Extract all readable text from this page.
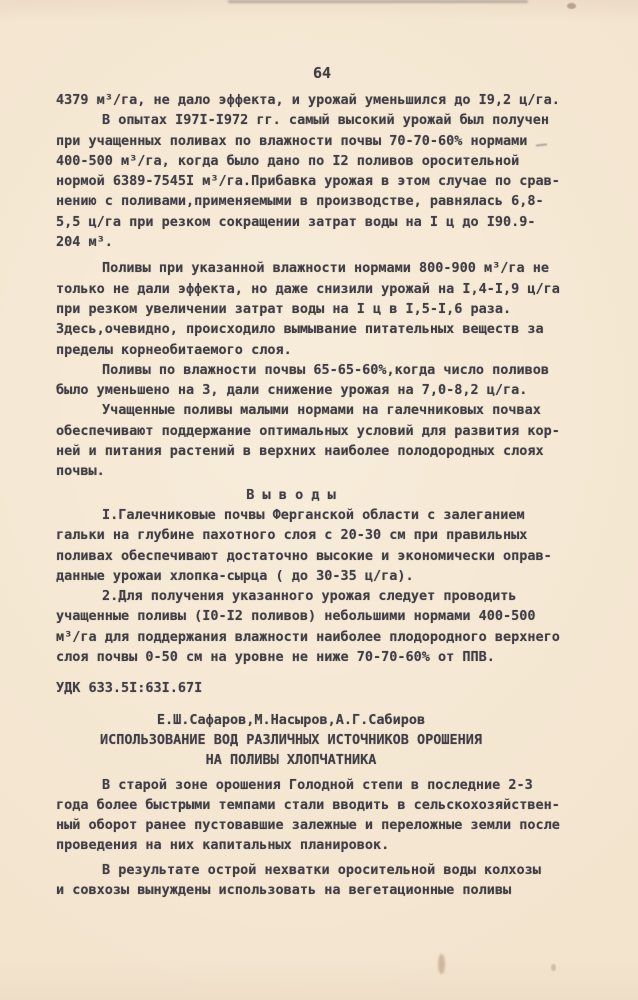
64
4379 м³/га, не дало эффекта, и урожай уменьшился до I9,2 ц/га.
В опытах I97I-I972 гг. самый высокий урожай был получен
при учащенных поливах по влажности почвы 70-70-60% нормами
400-500 м³/га, когда было дано по I2 поливов оросительной
нормой 6389-7545I м³/га.Прибавка урожая в этом случае по срав-
нению с поливами,применяемыми в производстве, равнялась 6,8-
5,5 ц/га при резком сокращении затрат воды на I ц до I90.9-
204 м³.
Поливы при указанной влажности нормами 800-900 м³/га не
только не дали эффекта, но даже снизили урожай на I,4-I,9 ц/га
при резком увеличении затрат воды на I ц в I,5-I,6 раза.
Здесь,очевидно, происходило вымывание питательных веществ за
пределы корнеобитаемого слоя.
Поливы по влажности почвы 65-65-60%,когда число поливов
было уменьшено на 3, дали снижение урожая на 7,0-8,2 ц/га.
Учащенные поливы малыми нормами на галечниковых почвах
обеспечивают поддержание оптимальных условий для развития кор-
ней и питания растений в верхних наиболее полодородных слоях
почвы.
В ы в о д ы
I.Галечниковые почвы Ферганской области с залеганием
гальки на глубине пахотного слоя с 20-30 см при правильных
поливах обеспечивают достаточно высокие и экономически оправ-
данные урожаи хлопка-сырца ( до 30-35 ц/га).
2.Для получения указанного урожая следует проводить
учащенные поливы (I0-I2 поливов) небольшими нормами 400-500
м³/га для поддержания влажности наиболее плодородного верхнего
слоя почвы 0-50 см на уровне не ниже 70-70-60% от ППВ.
УДК 633.5I:63I.67I
Е.Ш.Сафаров,М.Насыров,А.Г.Сабиров
ИСПОЛЬЗОВАНИЕ ВОД РАЗЛИЧНЫХ ИСТОЧНИКОВ ОРОШЕНИЯ
НА ПОЛИВЫ ХЛОПЧАТНИКА
В старой зоне орошения Голодной степи в последние 2-3
года более быстрыми темпами стали вводить в сельскохозяйствен-
ный оборот ранее пустовавшие залежные и переложные земли после
проведения на них капитальных планировок.
В результате острой нехватки оросительной воды колхозы
и совхозы вынуждены использовать на вегетационные поливы
